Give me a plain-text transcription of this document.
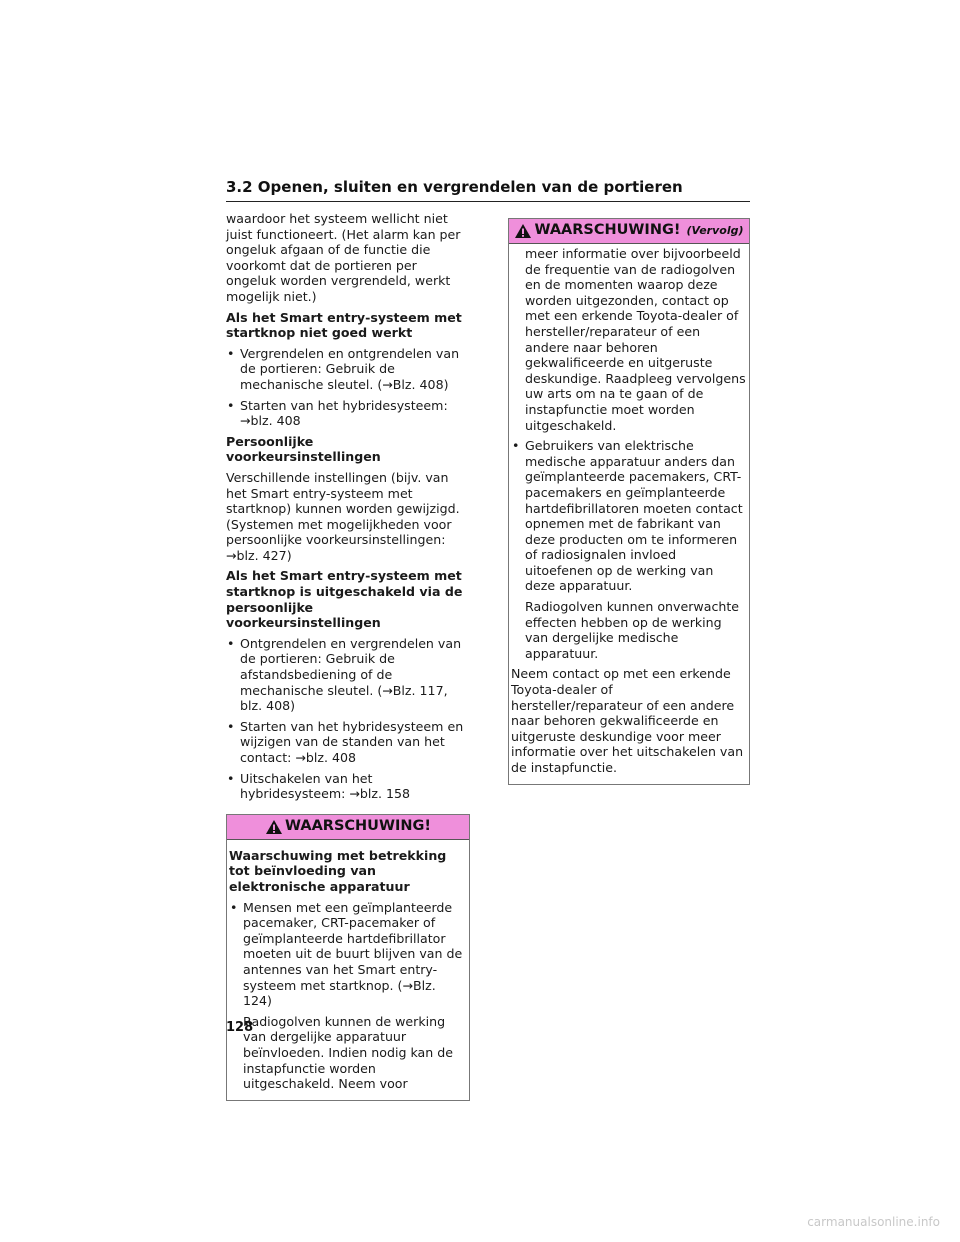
3.2 Openen, sluiten en vergrendelen van de portieren

waardoor het systeem wellicht niet juist functioneert. (Het alarm kan per ongeluk afgaan of de functie die voorkomt dat de portieren per ongeluk worden vergrendeld, werkt mogelijk niet.)

Als het Smart entry-systeem met startknop niet goed werkt

• Vergrendelen en ontgrendelen van de portieren: Gebruik de mechanische sleutel. (→Blz. 408)
• Starten van het hybridesysteem: →blz. 408

Persoonlijke voorkeursinstellingen

Verschillende instellingen (bijv. van het Smart entry-systeem met startknop) kunnen worden gewijzigd. (Systemen met mogelijkheden voor persoonlijke voorkeursinstellingen: →blz. 427)

Als het Smart entry-systeem met startknop is uitgeschakeld via de persoonlijke voorkeursinstellingen

• Ontgrendelen en vergrendelen van de portieren: Gebruik de afstandsbediening of de mechanische sleutel. (→Blz. 117, blz. 408)
• Starten van het hybridesysteem en wijzigen van de standen van het contact: →blz. 408
• Uitschakelen van het hybridesysteem: →blz. 158
WAARSCHUWING!

Waarschuwing met betrekking tot beïnvloeding van elektronische apparatuur

• Mensen met een geïmplanteerde pacemaker, CRT-pacemaker of geïmplanteerde hartdefibrillator moeten uit de buurt blijven van de antennes van het Smart entry-systeem met startknop. (→Blz. 124)

Radiogolven kunnen de werking van dergelijke apparatuur beïnvloeden. Indien nodig kan de instapfunctie worden uitgeschakeld. Neem voor

WAARSCHUWING! (Vervolg)

meer informatie over bijvoorbeeld de frequentie van de radiogolven en de momenten waarop deze worden uitgezonden, contact op met een erkende Toyota-dealer of hersteller/reparateur of een andere naar behoren gekwalificeerde en uitgeruste deskundige. Raadpleeg vervolgens uw arts om na te gaan of de instapfunctie moet worden uitgeschakeld.

• Gebruikers van elektrische medische apparatuur anders dan geïmplanteerde pacemakers, CRT-pacemakers en geïmplanteerde hartdefibrillatoren moeten contact opnemen met de fabrikant van deze producten om te informeren of radiosignalen invloed uitoefenen op de werking van deze apparatuur.

Radiogolven kunnen onverwachte effecten hebben op de werking van dergelijke medische apparatuur.

Neem contact op met een erkende Toyota-dealer of hersteller/reparateur of een andere naar behoren gekwalificeerde en uitgeruste deskundige voor meer informatie over het uitschakelen van de instapfunctie.

128
carmanualsonline.info
